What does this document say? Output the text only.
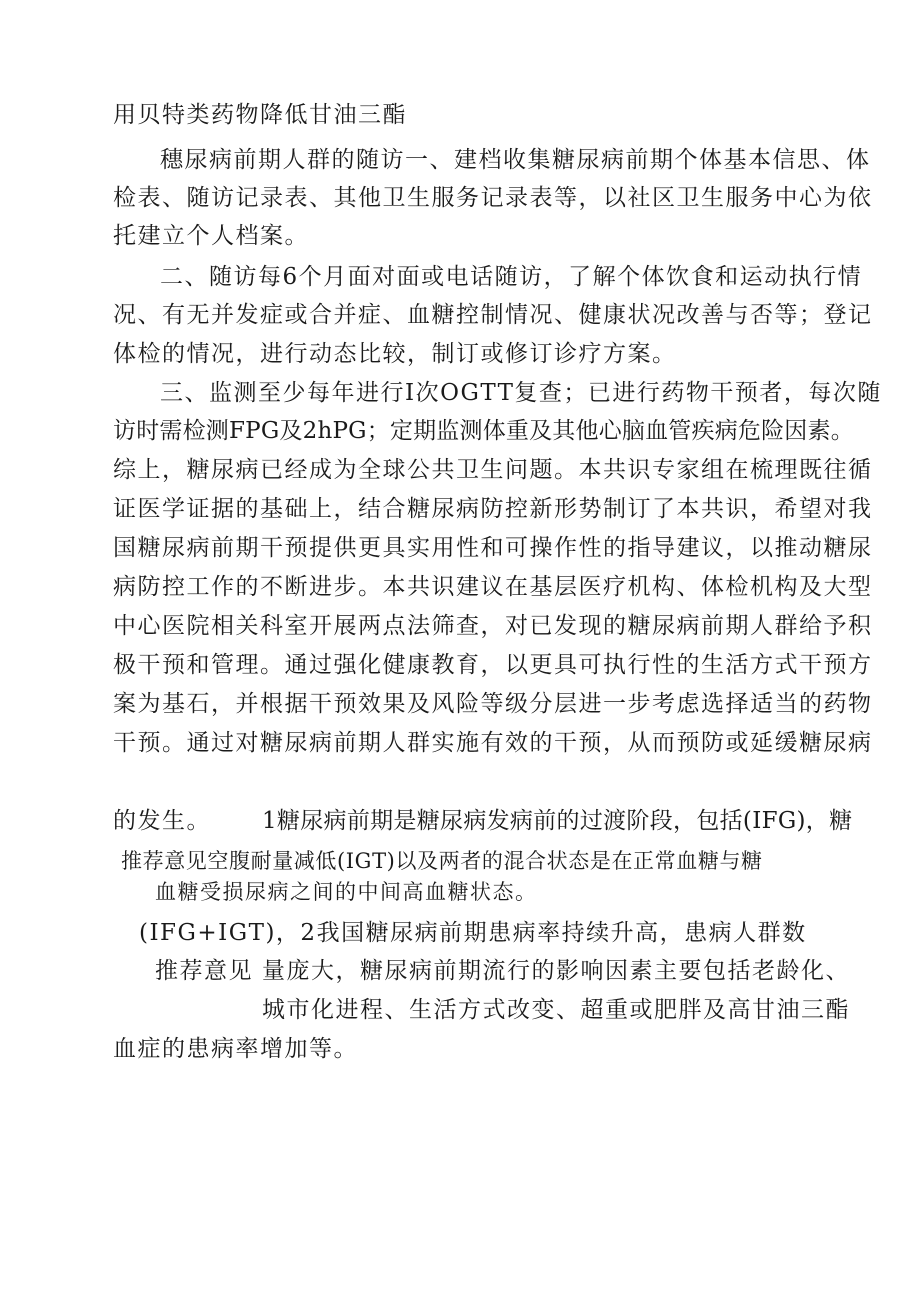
用贝特类药物降低甘油三酯
穗尿病前期人群的随访一、建档收集糖尿病前期个体基本信思、体
检表、随访记录表、其他卫生服务记录表等，以社区卫生服务中心为依
托建立个人档案。
二、随访每6个月面对面或电话随访，了解个体饮食和运动执行情
况、有无并发症或合并症、血糖控制情况、健康状况改善与否等；登记
体检的情况，进行动态比较，制订或修订诊疗方案。
三、监测至少每年进行I次OGTT复查；已进行药物干预者，每次随
访时需检测FPG及2hPG；定期监测体重及其他心脑血管疾病危险因素。
综上，糖尿病已经成为全球公共卫生问题。本共识专家组在梳理既往循
证医学证据的基础上，结合糖尿病防控新形势制订了本共识，希望对我
国糖尿病前期干预提供更具实用性和可操作性的指导建议，以推动糖尿
病防控工作的不断进步。本共识建议在基层医疗机构、体检机构及大型
中心医院相关科室开展两点法筛查，对已发现的糖尿病前期人群给予积
极干预和管理。通过强化健康教育，以更具可执行性的生活方式干预方
案为基石，并根据干预效果及风险等级分层进一步考虑选择适当的药物
干预。通过对糖尿病前期人群实施有效的干预，从而预防或延缓糖尿病
的发生。 1糖尿病前期是糖尿病发病前的过渡阶段，包括(IFG)，糖
推荐意见空腹耐量减低(IGT)以及两者的混合状态是在正常血糖与糖
血糖受损尿病之间的中间高血糖状态。
(IFG+IGT)，2我国糖尿病前期患病率持续升高，患病人群数
推荐意见 量庞大，糖尿病前期流行的影响因素主要包括老龄化、
城市化进程、生活方式改变、超重或肥胖及高甘油三酯
血症的患病率增加等。
